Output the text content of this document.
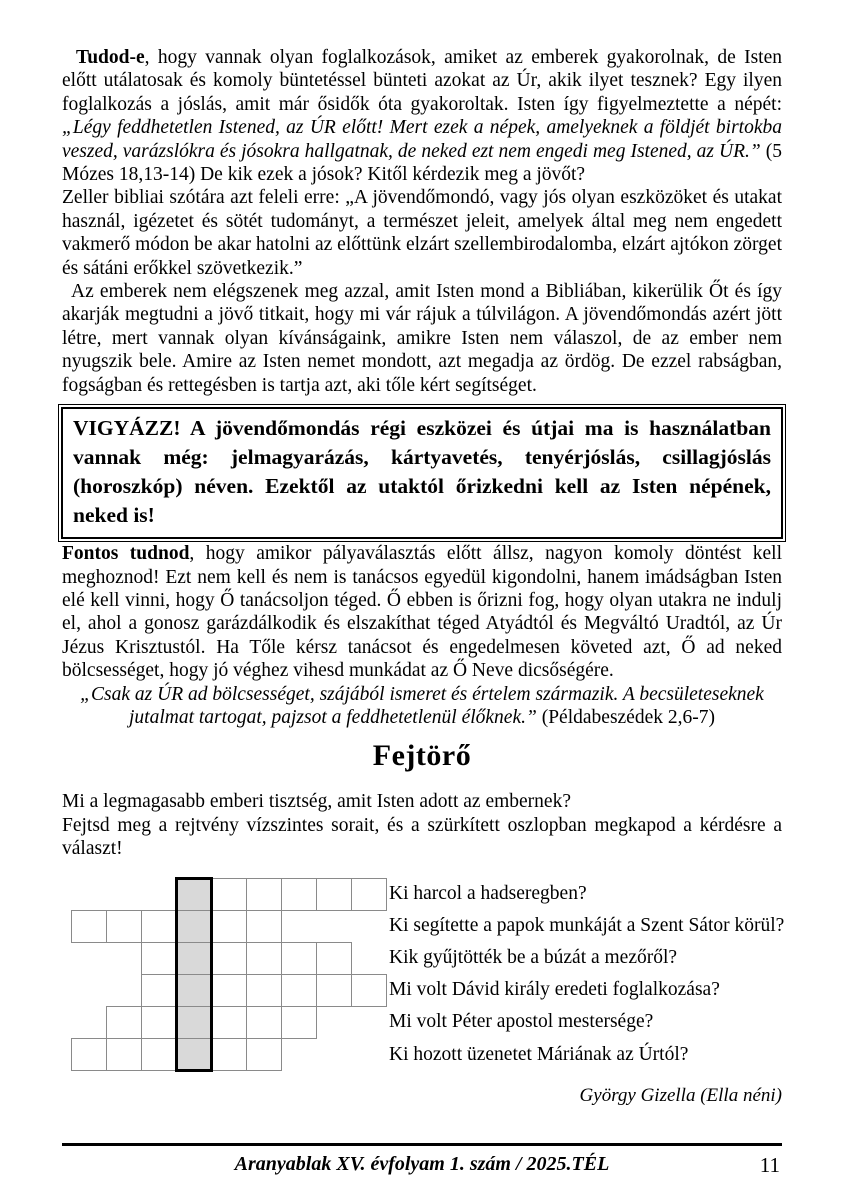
Tudod-e, hogy vannak olyan foglalkozások, amiket az emberek gyakorolnak, de Isten előtt utálatosak és komoly büntetéssel bünteti azokat az Úr, akik ilyet tesznek? Egy ilyen foglalkozás a jóslás, amit már ősidők óta gyakoroltak. Isten így figyelmeztette a népét: „Légy feddhetetlen Istened, az ÚR előtt! Mert ezek a népek, amelyeknek a földjét birtokba veszed, varázslókra és jósokra hallgatnak, de neked ezt nem engedi meg Istened, az ÚR.” (5 Mózes 18,13-14) De kik ezek a jósok? Kitől kérdezik meg a jövőt?

Zeller bibliai szótára azt feleli erre: „A jövendőmondó, vagy jós olyan eszközöket és utakat használ, igézetet és sötét tudományt, a természet jeleit, amelyek által meg nem engedett vakmerő módon be akar hatolni az előttünk elzárt szellembirodalomba, elzárt ajtókon zörget és sátáni erőkkel szövetkezik.”

Az emberek nem elégszenek meg azzal, amit Isten mond a Bibliában, kikerülik Őt és így akarják megtudni a jövő titkait, hogy mi vár rájuk a túlvilágon. A jövendőmondás azért jött létre, mert vannak olyan kívánságaink, amikre Isten nem válaszol, de az ember nem nyugszik bele. Amire az Isten nemet mondott, azt megadja az ördög. De ezzel rabságban, fogságban és rettegésben is tartja azt, aki tőle kért segítséget.

VIGYÁZZ! A jövendőmondás régi eszközei és útjai ma is használatban vannak még: jelmagyarázás, kártyavetés, tenyérjóslás, csillagjóslás (horoszkóp) néven. Ezektől az utaktól őrizkedni kell az Isten népének, neked is!

Fontos tudnod, hogy amikor pályaválasztás előtt állsz, nagyon komoly döntést kell meghoznod! Ezt nem kell és nem is tanácsos egyedül kigondolni, hanem imádságban Isten elé kell vinni, hogy Ő tanácsoljon téged. Ő ebben is őrizni fog, hogy olyan utakra ne indulj el, ahol a gonosz garázdálkodik és elszakíthat téged Atyádtól és Megváltó Uradtól, az Úr Jézus Krisztustól. Ha Tőle kérsz tanácsot és engedelmesen követed azt, Ő ad neked bölcsességet, hogy jó véghez vihesd munkádat az Ő Neve dicsőségére.

„Csak az ÚR ad bölcsességet, szájából ismeret és értelem származik. A becsületeseknek jutalmat tartogat, pajzsot a feddhetetlenül élőknek.” (Példabeszédek 2,6-7)

Fejtörő

Mi a legmagasabb emberi tisztség, amit Isten adott az embernek?

Fejtsd meg a rejtvény vízszintes sorait, és a szürkített oszlopban megkapod a kérdésre a választ!

Ki harcol a hadseregben?
Ki segítette a papok munkáját a Szent Sátor körül?
Kik gyűjtötték be a búzát a mezőről?
Mi volt Dávid király eredeti foglalkozása?
Mi volt Péter apostol mestersége?
Ki hozott üzenetet Máriának az Úrtól?
György Gizella (Ella néni)
Aranyablak XV. évfolyam 1. szám / 2025.TÉL	11
